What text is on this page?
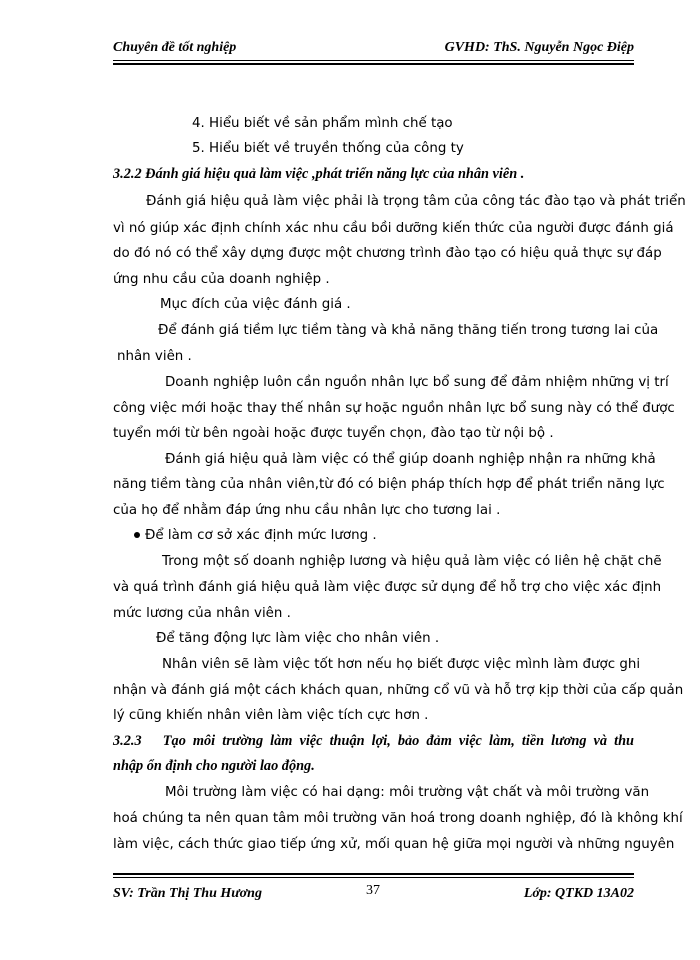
Chuyên đề tốt nghiệp	GVHD: ThS. Nguyễn Ngọc Điệp
4. Hiểu biết về sản phẩm mình chế tạo
5. Hiểu biết về truyền thống của công ty
3.2.2 Đánh giá hiệu quả làm việc ,phát triển năng lực của nhân viên .
Đánh giá hiệu quả làm việc phải là trọng tâm của công tác đào tạo và phát triển
vì nó giúp xác định chính xác nhu cầu bồi dưỡng kiến thức của người được đánh giá
do đó nó có thể xây dựng được một chương trình đào tạo có hiệu quả thực sự đáp
ứng nhu cầu của doanh nghiệp .
Mục đích của việc đánh giá .
Để đánh giá tiềm lực tiềm tàng và khả năng thăng tiến trong tương lai của
nhân viên .
Doanh nghiệp luôn cần nguồn nhân lực bổ sung để đảm nhiệm những vị trí
công việc mới hoặc thay thế nhân sự hoặc nguồn nhân lực bổ sung này có thể được
tuyển mới từ bên ngoài hoặc được tuyển chọn, đào tạo từ nội bộ .
Đánh giá hiệu quả làm việc có thể giúp doanh nghiệp nhận ra những khả
năng tiềm tàng của nhân viên,từ đó có biện pháp thích hợp để phát triển năng lực
của họ để nhằm đáp ứng nhu cầu nhân lực cho tương lai .
Để làm cơ sở xác định mức lương .
Trong một số doanh nghiệp lương và hiệu quả làm việc có liên hệ chặt chẽ
và quá trình đánh giá hiệu quả làm việc được sử dụng để hỗ trợ cho việc xác định
mức lương của nhân viên .
Để tăng động lực làm việc cho nhân viên .
Nhân viên sẽ làm việc tốt hơn nếu họ biết được việc mình làm được ghi
nhận và đánh giá một cách khách quan, những cổ vũ và hỗ trợ kịp thời của cấp quản
lý cũng khiến nhân viên làm việc tích cực hơn .
3.2.3   Tạo môi trường làm việc thuận lợi, bảo đảm việc làm, tiền lương và thu
nhập ổn định cho người lao động.
Môi trường làm việc có hai dạng: môi trường vật chất và môi trường văn
hoá chúng ta nên quan tâm môi trường văn hoá trong doanh nghiệp, đó là không khí
làm việc, cách thức giao tiếp ứng xử, mối quan hệ giữa mọi người và những nguyên
SV: Trần Thị Thu Hương	37	Lớp: QTKD 13A02
